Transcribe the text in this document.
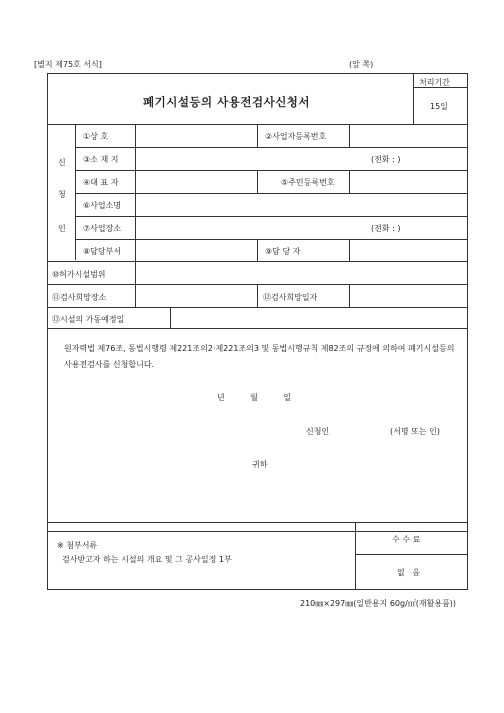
[별지 제75호 서식]	(앞 쪽)
폐기시설등의 사용전검사신청서
처리기간
15일
신
청
인
①상 호	②사업자등록번호
③소 재 지	(전화 : )
④대 표 자	⑤주민등록번호
⑥사업소명
⑦사업장소	(전화 : )
⑧담당부서	⑨담 당 자
⑩허가시설범위
⑪검사희망장소	⑫검사희망일자
⑬시설의 가동예정일
원자력법 제76조, 동법시행령 제221조의2·제221조의3 및 동법시행규칙 제82조의 규정에 의하여 폐기시설등의 사용전검사를 신청합니다.
년          월          일
신청인	(서명 또는 인)
귀하
※ 첨부서류
검사받고자 하는 시설의 개요 및 그 공사일정 1부
수 수 료
없   음
210㎜×297㎜(일반용지 60g/㎡(재활용품))
